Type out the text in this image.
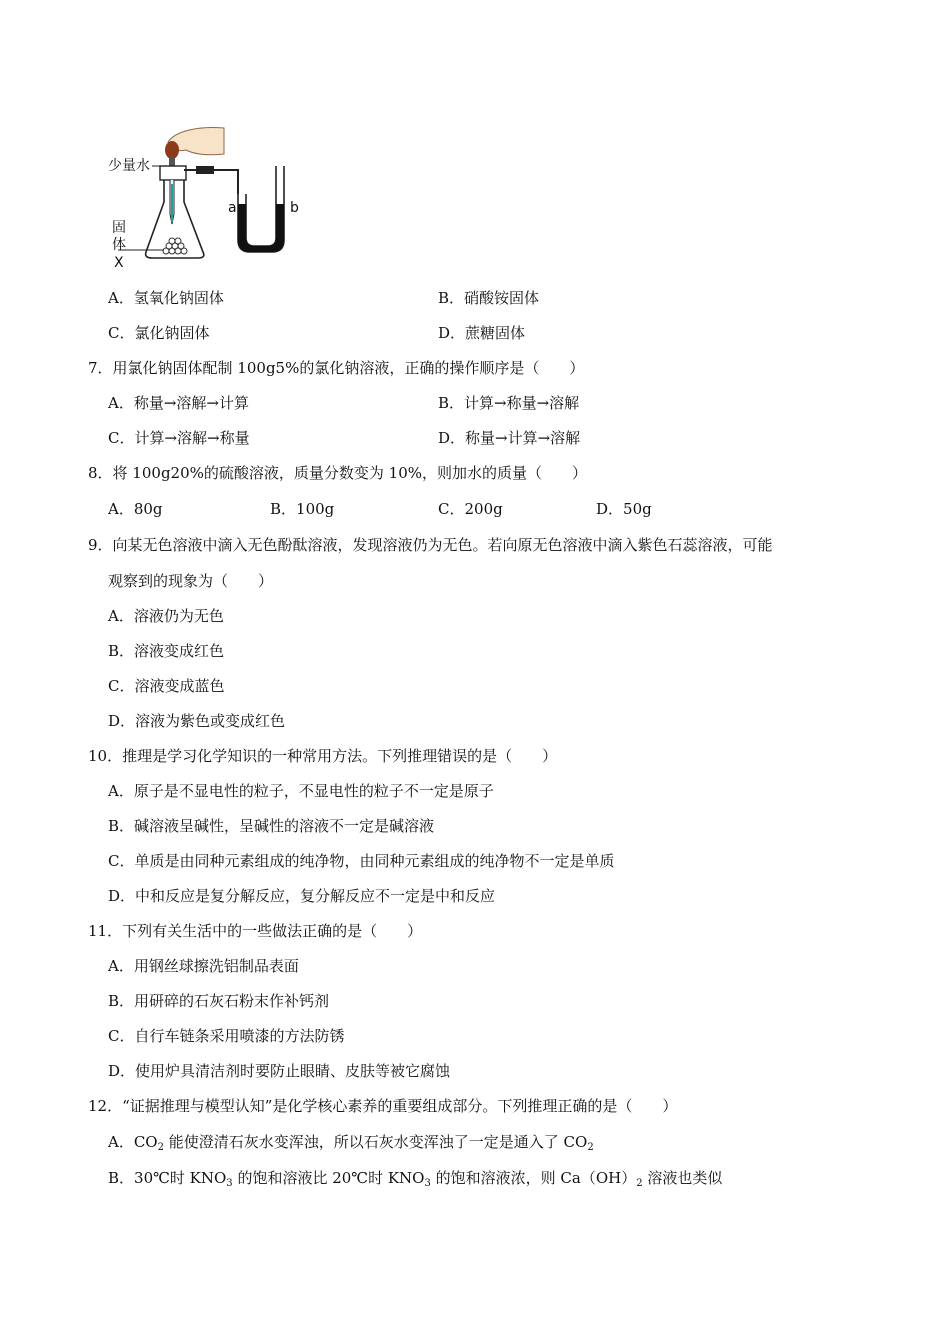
少量水
固
体
X
a	b
A．氢氧化钠固体	B．硝酸铵固体
C．氯化钠固体	D．蔗糖固体
7．用氯化钠固体配制 100g5%的氯化钠溶液，正确的操作顺序是（　　）
A．称量→溶解→计算	B．计算→称量→溶解
C．计算→溶解→称量	D．称量→计算→溶解
8．将 100g20%的硫酸溶液，质量分数变为 10%，则加水的质量（　　）
A．80g	B．100g	C．200g	D．50g
9．向某无色溶液中滴入无色酚酞溶液，发现溶液仍为无色。若向原无色溶液中滴入紫色石蕊溶液，可能
观察到的现象为（　　）
A．溶液仍为无色
B．溶液变成红色
C．溶液变成蓝色
D．溶液为紫色或变成红色
10．推理是学习化学知识的一种常用方法。下列推理错误的是（　　）
A．原子是不显电性的粒子，不显电性的粒子不一定是原子
B．碱溶液呈碱性，呈碱性的溶液不一定是碱溶液
C．单质是由同种元素组成的纯净物，由同种元素组成的纯净物不一定是单质
D．中和反应是复分解反应，复分解反应不一定是中和反应
11．下列有关生活中的一些做法正确的是（　　）
A．用钢丝球擦洗铝制品表面
B．用研碎的石灰石粉末作补钙剂
C．自行车链条采用喷漆的方法防锈
D．使用炉具清洁剂时要防止眼睛、皮肤等被它腐蚀
12．“证据推理与模型认知”是化学核心素养的重要组成部分。下列推理正确的是（　　）
A．$CO_2$ 能使澄清石灰水变浑浊，所以石灰水变浑浊了一定是通入了 $CO_2$
B．30℃时 $KNO_3$ 的饱和溶液比 20℃时 $KNO_3$ 的饱和溶液浓，则 $Ca(OH)_2$ 溶液也类似
